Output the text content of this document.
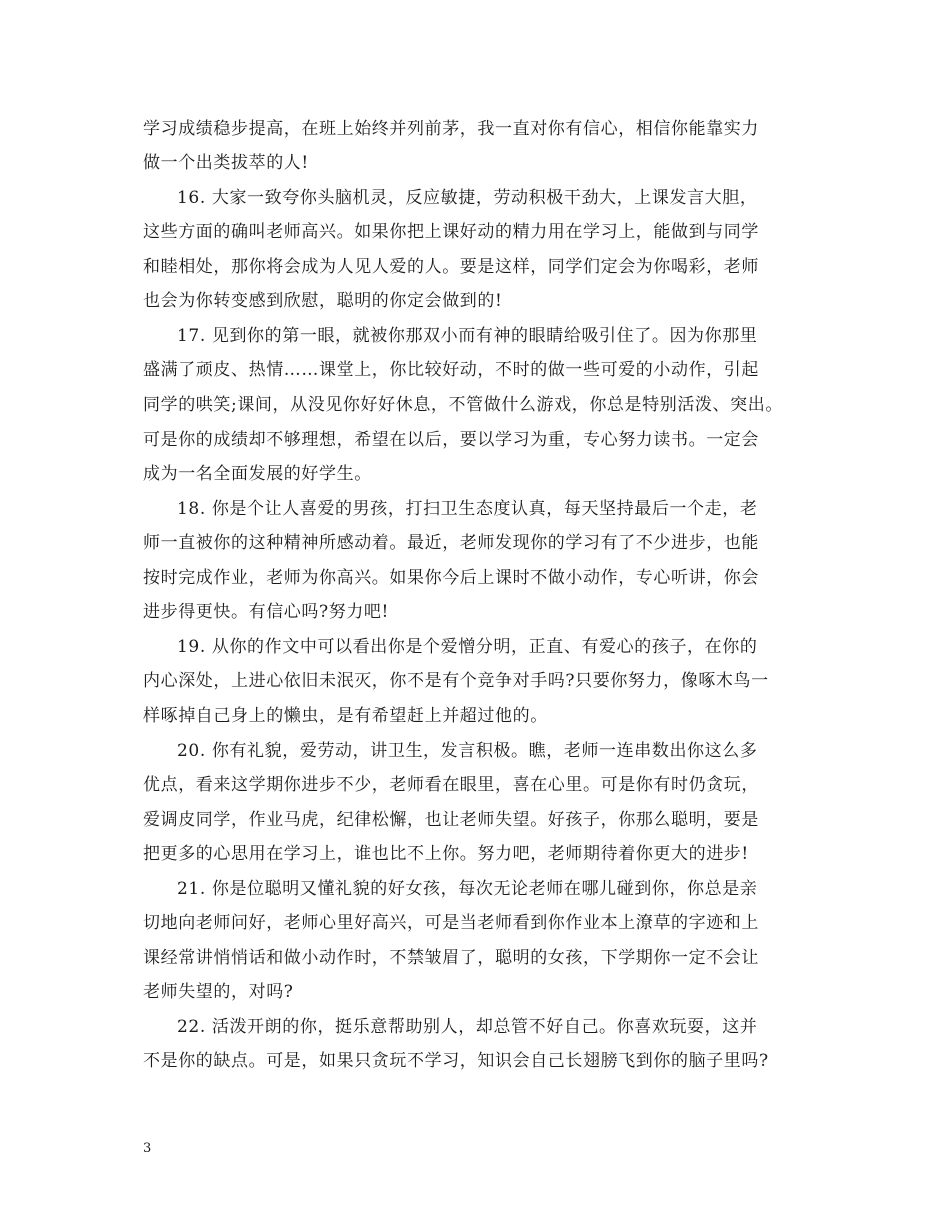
学习成绩稳步提高，在班上始终并列前茅，我一直对你有信心，相信你能靠实力
做一个出类拔萃的人!
16. 大家一致夸你头脑机灵，反应敏捷，劳动积极干劲大，上课发言大胆，
这些方面的确叫老师高兴。如果你把上课好动的精力用在学习上，能做到与同学
和睦相处，那你将会成为人见人爱的人。要是这样，同学们定会为你喝彩，老师
也会为你转变感到欣慰，聪明的你定会做到的!
17. 见到你的第一眼，就被你那双小而有神的眼睛给吸引住了。因为你那里
盛满了顽皮、热情……课堂上，你比较好动，不时的做一些可爱的小动作，引起
同学的哄笑;课间，从没见你好好休息，不管做什么游戏，你总是特别活泼、突出。
可是你的成绩却不够理想，希望在以后，要以学习为重，专心努力读书。一定会
成为一名全面发展的好学生。
18. 你是个让人喜爱的男孩，打扫卫生态度认真，每天坚持最后一个走，老
师一直被你的这种精神所感动着。最近，老师发现你的学习有了不少进步，也能
按时完成作业，老师为你高兴。如果你今后上课时不做小动作，专心听讲，你会
进步得更快。有信心吗?努力吧!
19. 从你的作文中可以看出你是个爱憎分明，正直、有爱心的孩子，在你的
内心深处，上进心依旧未泯灭，你不是有个竞争对手吗?只要你努力，像啄木鸟一
样啄掉自己身上的懒虫，是有希望赶上并超过他的。
20. 你有礼貌，爱劳动，讲卫生，发言积极。瞧，老师一连串数出你这么多
优点，看来这学期你进步不少，老师看在眼里，喜在心里。可是你有时仍贪玩，
爱调皮同学，作业马虎，纪律松懈，也让老师失望。好孩子，你那么聪明，要是
把更多的心思用在学习上，谁也比不上你。努力吧，老师期待着你更大的进步!
21. 你是位聪明又懂礼貌的好女孩，每次无论老师在哪儿碰到你，你总是亲
切地向老师问好，老师心里好高兴，可是当老师看到你作业本上潦草的字迹和上
课经常讲悄悄话和做小动作时，不禁皱眉了，聪明的女孩，下学期你一定不会让
老师失望的，对吗?
22. 活泼开朗的你，挺乐意帮助别人，却总管不好自己。你喜欢玩耍，这并
不是你的缺点。可是，如果只贪玩不学习，知识会自己长翅膀飞到你的脑子里吗?
3
